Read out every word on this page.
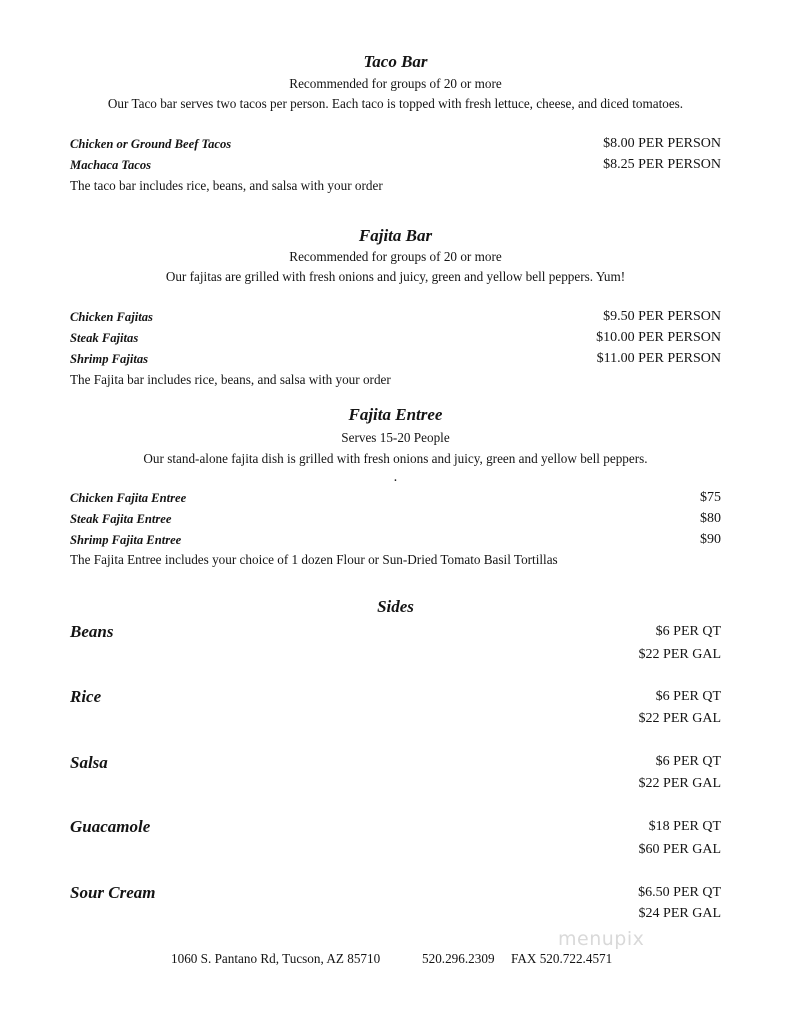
Taco Bar
Recommended for groups of 20 or more
Our Taco bar serves two tacos per person. Each taco is topped with fresh lettuce, cheese, and diced tomatoes.
Chicken or Ground Beef Tacos	$8.00 PER PERSON
Machaca Tacos	$8.25 PER PERSON
The taco bar includes rice, beans, and salsa with your order
Fajita Bar
Recommended for groups of 20 or more
Our fajitas are grilled with fresh onions and juicy, green and yellow bell peppers. Yum!
Chicken Fajitas	$9.50 PER PERSON
Steak Fajitas	$10.00 PER PERSON
Shrimp Fajitas	$11.00 PER PERSON
The Fajita bar includes rice, beans, and salsa with your order
Fajita Entree
Serves 15-20 People
Our stand-alone fajita dish is grilled with fresh onions and juicy, green and yellow bell peppers.
.
Chicken Fajita Entree	$75
Steak Fajita Entree	$80
Shrimp Fajita Entree	$90
The Fajita Entree includes your choice of 1 dozen Flour or Sun-Dried Tomato Basil Tortillas
Sides
Beans	$6 PER QT
$22 PER GAL
Rice	$6 PER QT
$22 PER GAL
Salsa	$6 PER QT
$22 PER GAL
Guacamole	$18 PER QT
$60 PER GAL
Sour Cream	$6.50 PER QT
$24 PER GAL
menupix
1060 S. Pantano Rd, Tucson, AZ 85710	520.296.2309 FAX 520.722.4571
